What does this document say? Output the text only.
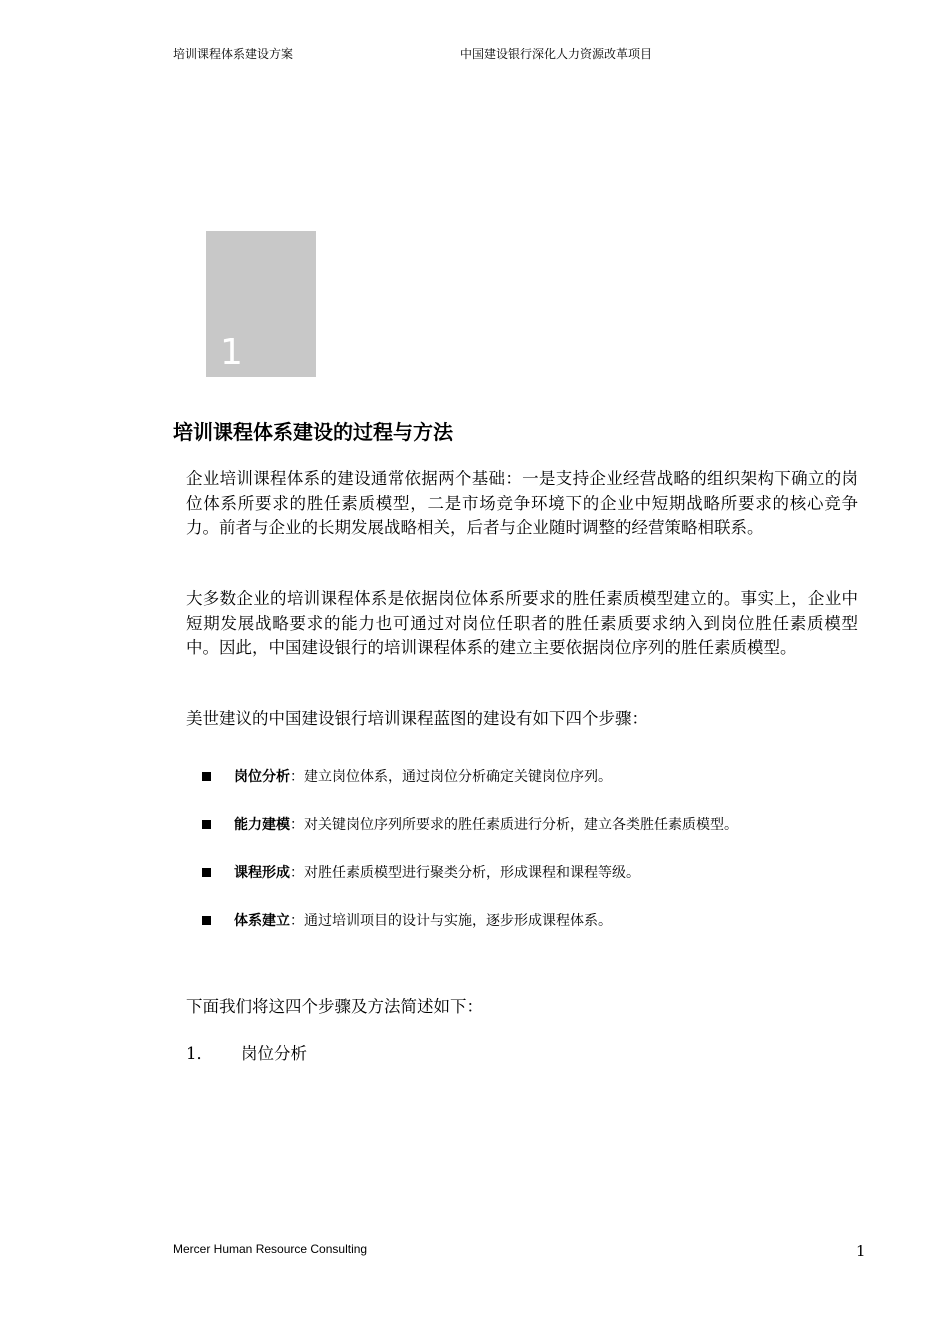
培训课程体系建设方案	中国建设银行深化人力资源改革项目
1
培训课程体系建设的过程与方法

企业培训课程体系的建设通常依据两个基础：一是支持企业经营战略的组织架构下确立的岗位体系所要求的胜任素质模型，二是市场竞争环境下的企业中短期战略所要求的核心竞争力。前者与企业的长期发展战略相关，后者与企业随时调整的经营策略相联系。

大多数企业的培训课程体系是依据岗位体系所要求的胜任素质模型建立的。事实上，企业中短期发展战略要求的能力也可通过对岗位任职者的胜任素质要求纳入到岗位胜任素质模型中。因此，中国建设银行的培训课程体系的建立主要依据岗位序列的胜任素质模型。

美世建议的中国建设银行培训课程蓝图的建设有如下四个步骤：

岗位分析 ： 建立岗位体系，通过岗位分析确定关键岗位序列。
能力建模 ： 对关键岗位序列所要求的胜任素质进行分析，建立各类胜任素质模型。
课程形成 ： 对胜任素质模型进行聚类分析，形成课程和课程等级。
体系建立 ： 通过培训项目的设计与实施，逐步形成课程体系。

下面我们将这四个步骤及方法简述如下：

1．	岗位分析
Mercer Human Resource Consulting	1
